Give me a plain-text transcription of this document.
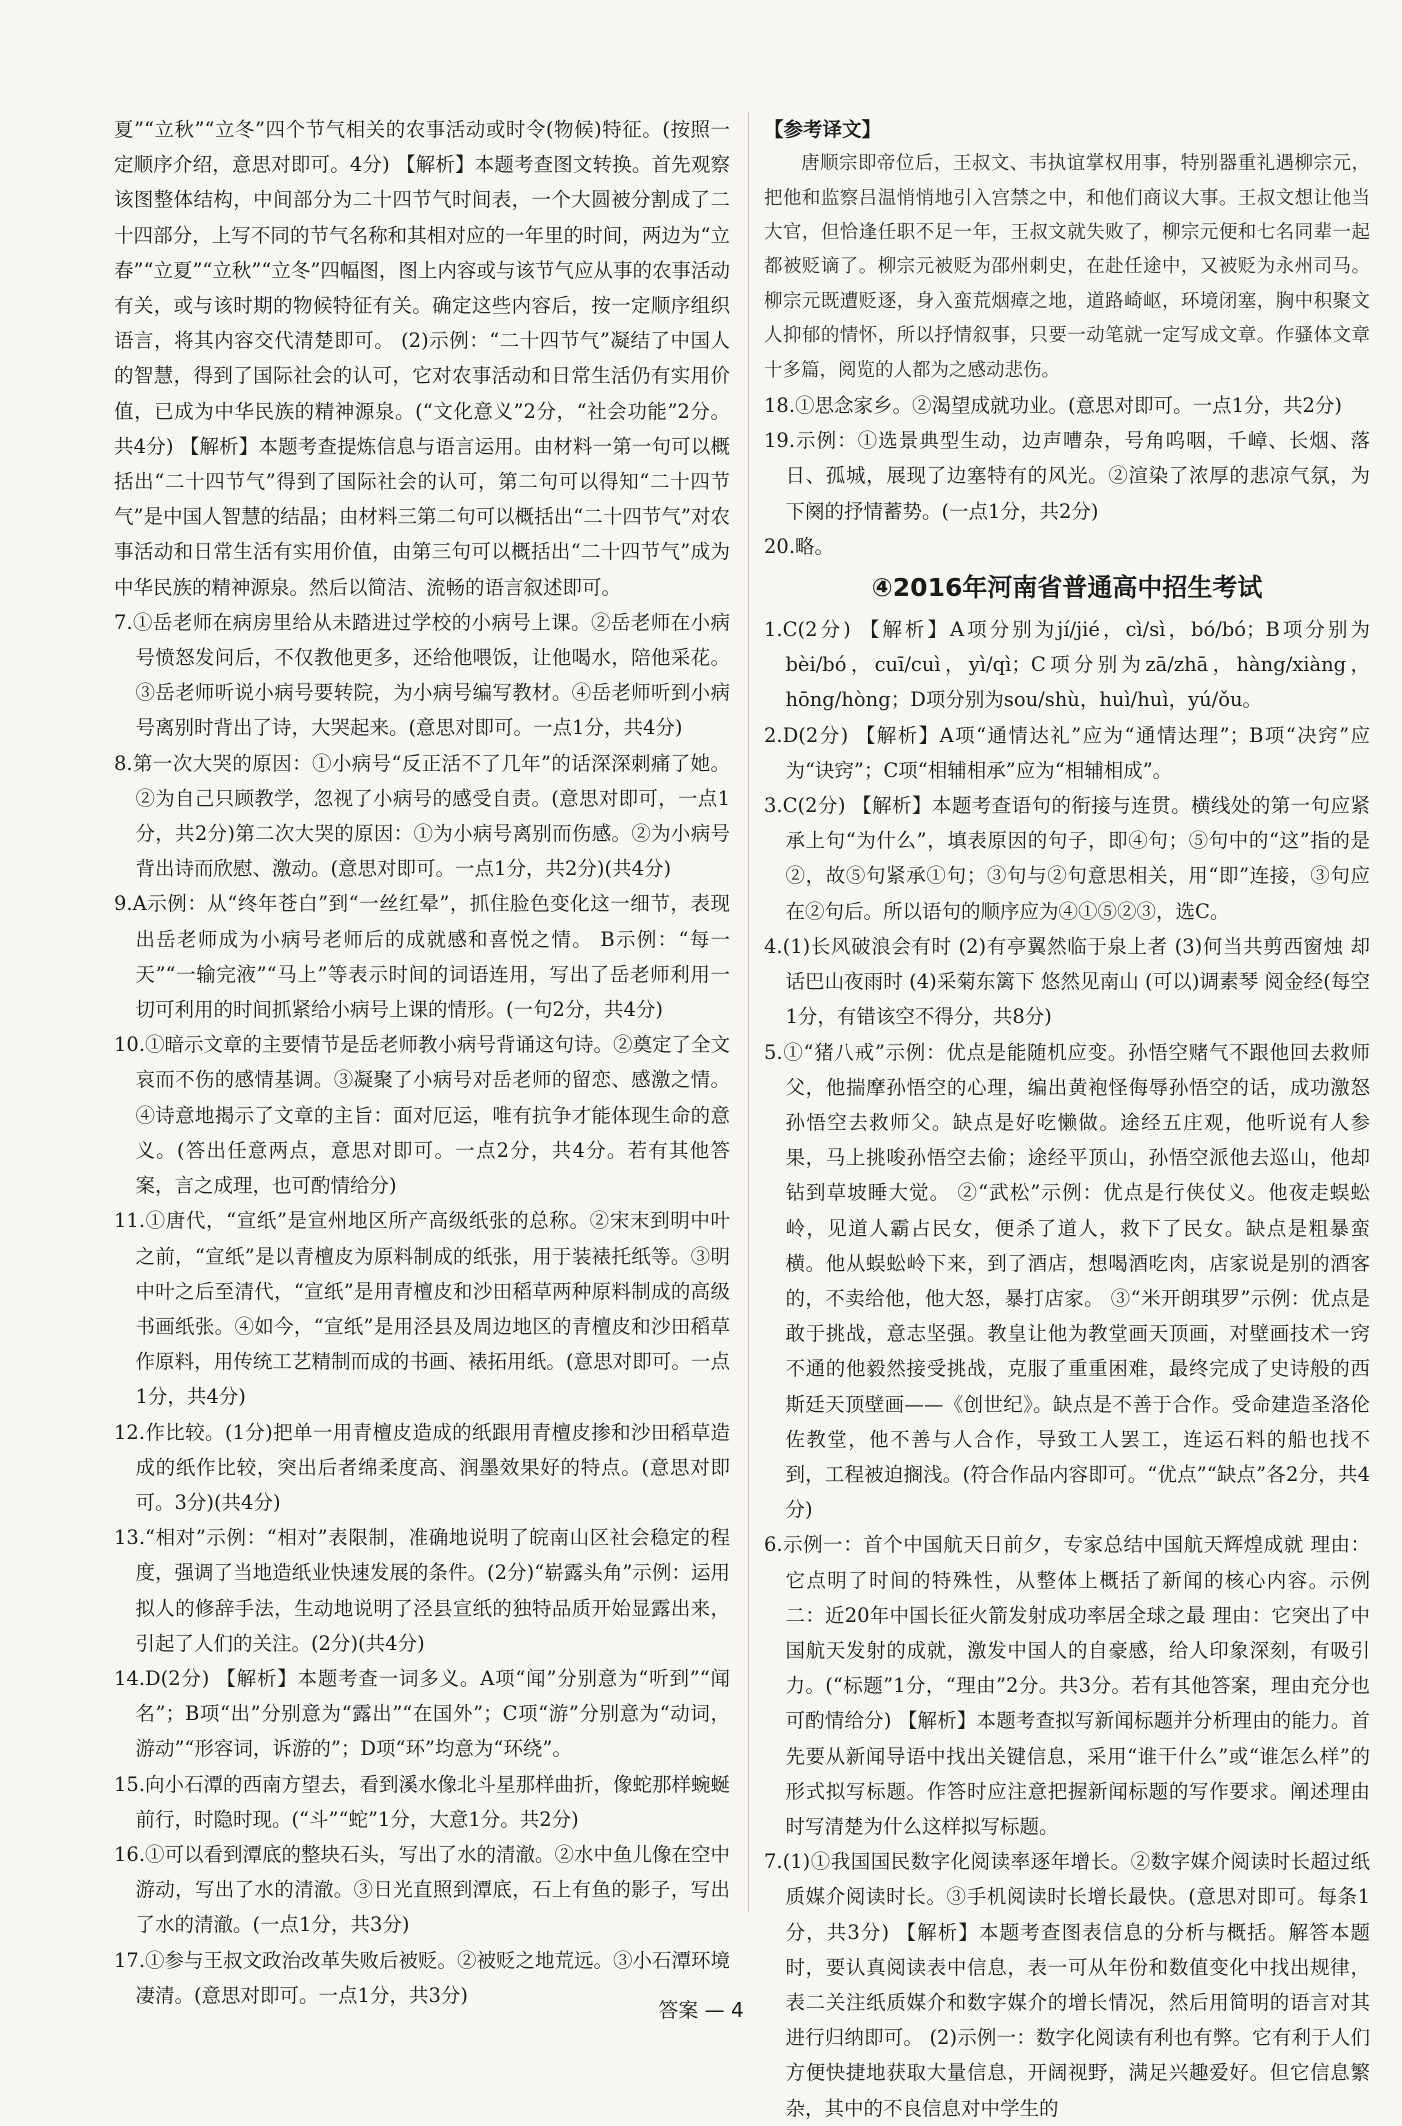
夏”“立秋”“立冬”四个节气相关的农事活动或时令(物候)特征。(按照一定顺序介绍，意思对即可。4分) 【解析】本题考查图文转换。首先观察该图整体结构，中间部分为二十四节气时间表，一个大圆被分割成了二十四部分，上写不同的节气名称和其相对应的一年里的时间，两边为“立春”“立夏”“立秋”“立冬”四幅图，图上内容或与该节气应从事的农事活动有关，或与该时期的物候特征有关。确定这些内容后，按一定顺序组织语言，将其内容交代清楚即可。 (2)示例：“二十四节气”凝结了中国人的智慧，得到了国际社会的认可，它对农事活动和日常生活仍有实用价值，已成为中华民族的精神源泉。(“文化意义”2分，“社会功能”2分。共4分) 【解析】本题考查提炼信息与语言运用。由材料一第一句可以概括出“二十四节气”得到了国际社会的认可，第二句可以得知“二十四节气”是中国人智慧的结晶；由材料三第二句可以概括出“二十四节气”对农事活动和日常生活有实用价值，由第三句可以概括出“二十四节气”成为中华民族的精神源泉。然后以简洁、流畅的语言叙述即可。

7.①岳老师在病房里给从未踏进过学校的小病号上课。②岳老师在小病号愤怒发问后，不仅教他更多，还给他喂饭，让他喝水，陪他采花。③岳老师听说小病号要转院，为小病号编写教材。④岳老师听到小病号离别时背出了诗，大哭起来。(意思对即可。一点1分，共4分)

8.第一次大哭的原因：①小病号“反正活不了几年”的话深深刺痛了她。②为自己只顾教学，忽视了小病号的感受自责。(意思对即可，一点1分，共2分)第二次大哭的原因：①为小病号离别而伤感。②为小病号背出诗而欣慰、激动。(意思对即可。一点1分，共2分)(共4分)

9.A示例：从“终年苍白”到“一丝红晕”，抓住脸色变化这一细节，表现出岳老师成为小病号老师后的成就感和喜悦之情。 B示例：“每一天”“一输完液”“马上”等表示时间的词语连用，写出了岳老师利用一切可利用的时间抓紧给小病号上课的情形。(一句2分，共4分)

10.①暗示文章的主要情节是岳老师教小病号背诵这句诗。②奠定了全文哀而不伤的感情基调。③凝聚了小病号对岳老师的留恋、感激之情。④诗意地揭示了文章的主旨：面对厄运，唯有抗争才能体现生命的意义。(答出任意两点，意思对即可。一点2分，共4分。若有其他答案，言之成理，也可酌情给分)

11.①唐代，“宣纸”是宣州地区所产高级纸张的总称。②宋末到明中叶之前，“宣纸”是以青檀皮为原料制成的纸张，用于装裱托纸等。③明中叶之后至清代，“宣纸”是用青檀皮和沙田稻草两种原料制成的高级书画纸张。④如今，“宣纸”是用泾县及周边地区的青檀皮和沙田稻草作原料，用传统工艺精制而成的书画、裱拓用纸。(意思对即可。一点1分，共4分)

12.作比较。(1分)把单一用青檀皮造成的纸跟用青檀皮掺和沙田稻草造成的纸作比较，突出后者绵柔度高、润墨效果好的特点。(意思对即可。3分)(共4分)

13.“相对”示例：“相对”表限制，准确地说明了皖南山区社会稳定的程度，强调了当地造纸业快速发展的条件。(2分)“崭露头角”示例：运用拟人的修辞手法，生动地说明了泾县宣纸的独特品质开始显露出来，引起了人们的关注。(2分)(共4分)

14.D(2分) 【解析】本题考查一词多义。A项“闻”分别意为“听到”“闻名”；B项“出”分别意为“露出”“在国外”；C项“游”分别意为“动词，游动”“形容词，诉游的”；D项“环”均意为“环绕”。

15.向小石潭的西南方望去，看到溪水像北斗星那样曲折，像蛇那样蜿蜒前行，时隐时现。(“斗”“蛇”1分，大意1分。共2分)

16.①可以看到潭底的整块石头，写出了水的清澈。②水中鱼儿像在空中游动，写出了水的清澈。③日光直照到潭底，石上有鱼的影子，写出了水的清澈。(一点1分，共3分)

17.①参与王叔文政治改革失败后被贬。②被贬之地荒远。③小石潭环境凄清。(意思对即可。一点1分，共3分)

【参考译文】

唐顺宗即帝位后，王叔文、韦执谊掌权用事，特别器重礼遇柳宗元，把他和监察吕温悄悄地引入宫禁之中，和他们商议大事。王叔文想让他当大官，但恰逢任职不足一年，王叔文就失败了，柳宗元便和七名同辈一起都被贬谪了。柳宗元被贬为邵州刺史，在赴任途中，又被贬为永州司马。柳宗元既遭贬逐，身入蛮荒烟瘴之地，道路崎岖，环境闭塞，胸中积聚文人抑郁的情怀，所以抒情叙事，只要一动笔就一定写成文章。作骚体文章十多篇，阅览的人都为之感动悲伤。

18.①思念家乡。②渴望成就功业。(意思对即可。一点1分，共2分)

19.示例：①选景典型生动，边声嘈杂，号角呜咽，千嶂、长烟、落日、孤城，展现了边塞特有的风光。②渲染了浓厚的悲凉气氛，为下阕的抒情蓄势。(一点1分，共2分)

20.略。

④2016年河南省普通高中招生考试

1.C(2分) 【解析】A项分别为jí/jié，cì/sì，bó/bó；B项分别为bèi/bó，cuī/cuì，yì/qì；C项分别为zā/zhā，hàng/xiàng，hōng/hòng；D项分别为sou/shù，huì/huì，yú/ǒu。

2.D(2分) 【解析】A项“通情达礼”应为“通情达理”；B项“决窍”应为“诀窍”；C项“相辅相承”应为“相辅相成”。

3.C(2分) 【解析】本题考查语句的衔接与连贯。横线处的第一句应紧承上句“为什么”，填表原因的句子，即④句；⑤句中的“这”指的是②，故⑤句紧承①句；③句与②句意思相关，用“即”连接，③句应在②句后。所以语句的顺序应为④①⑤②③，选C。

4.(1)长风破浪会有时 (2)有亭翼然临于泉上者 (3)何当共剪西窗烛 却话巴山夜雨时 (4)采菊东篱下 悠然见南山 (可以)调素琴 阅金经(每空1分，有错该空不得分，共8分)

5.①“猪八戒”示例：优点是能随机应变。孙悟空赌气不跟他回去救师父，他揣摩孙悟空的心理，编出黄袍怪侮辱孙悟空的话，成功激怒孙悟空去救师父。缺点是好吃懒做。途经五庄观，他听说有人参果，马上挑唆孙悟空去偷；途经平顶山，孙悟空派他去巡山，他却钻到草坡睡大觉。 ②“武松”示例：优点是行侠仗义。他夜走蜈蚣岭，见道人霸占民女，便杀了道人，救下了民女。缺点是粗暴蛮横。他从蜈蚣岭下来，到了酒店，想喝酒吃肉，店家说是别的酒客的，不卖给他，他大怒，暴打店家。 ③“米开朗琪罗”示例：优点是敢于挑战，意志坚强。教皇让他为教堂画天顶画，对壁画技术一窍不通的他毅然接受挑战，克服了重重困难，最终完成了史诗般的西斯廷天顶壁画——《创世纪》。缺点是不善于合作。受命建造圣洛伦佐教堂，他不善与人合作，导致工人罢工，连运石料的船也找不到，工程被迫搁浅。(符合作品内容即可。“优点”“缺点”各2分，共4分)

6.示例一：首个中国航天日前夕，专家总结中国航天辉煌成就 理由：它点明了时间的特殊性，从整体上概括了新闻的核心内容。示例二：近20年中国长征火箭发射成功率居全球之最 理由：它突出了中国航天发射的成就，激发中国人的自豪感，给人印象深刻，有吸引力。(“标题”1分，“理由”2分。共3分。若有其他答案，理由充分也可酌情给分) 【解析】本题考查拟写新闻标题并分析理由的能力。首先要从新闻导语中找出关键信息，采用“谁干什么”或“谁怎么样”的形式拟写标题。作答时应注意把握新闻标题的写作要求。阐述理由时写清楚为什么这样拟写标题。

7.(1)①我国国民数字化阅读率逐年增长。②数字媒介阅读时长超过纸质媒介阅读时长。③手机阅读时长增长最快。(意思对即可。每条1分，共3分) 【解析】本题考查图表信息的分析与概括。解答本题时，要认真阅读表中信息，表一可从年份和数值变化中找出规律，表二关注纸质媒介和数字媒介的增长情况，然后用简明的语言对其进行归纳即可。 (2)示例一：数字化阅读有利也有弊。它有利于人们方便快捷地获取大量信息，开阔视野，满足兴趣爱好。但它信息繁杂，其中的不良信息对中学生的

答案 — 4
